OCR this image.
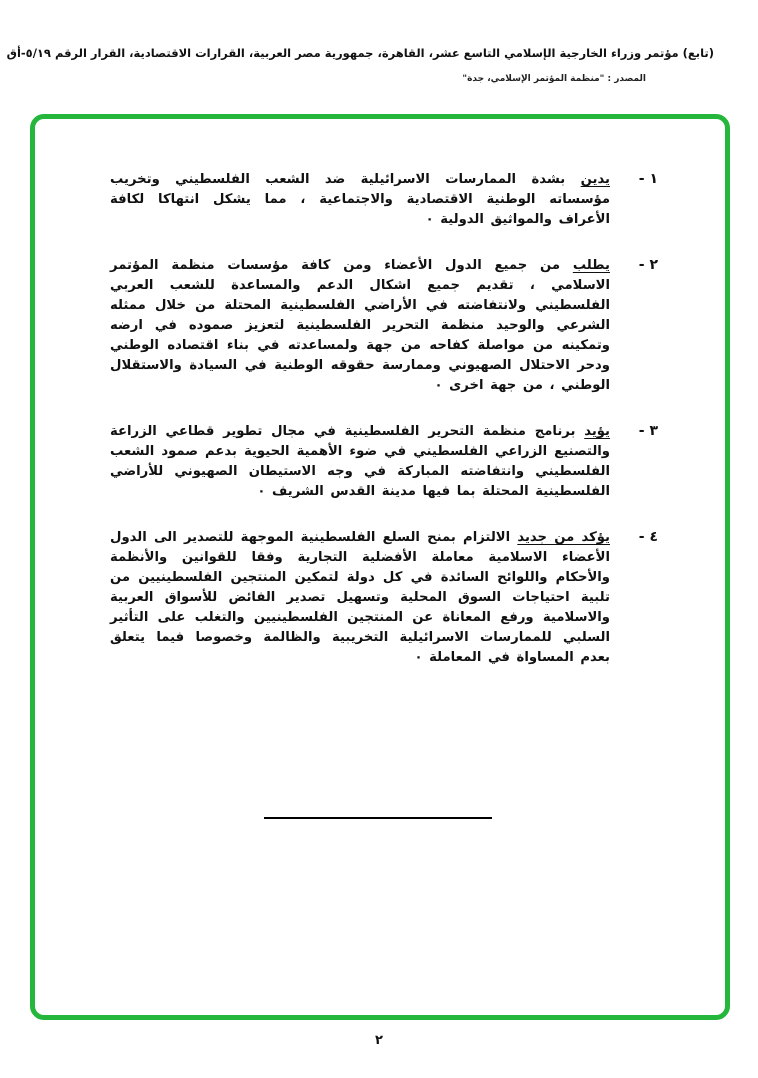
(تابع) مؤتمر وزراء الخارجية الإسلامي التاسع عشر، القاهرة، جمهورية مصر العربية، القرارات الاقتصادية، القرار الرقم ٥/١٩-أق
المصدر : "منظمة المؤتمر الإسلامي، جدة"
١ -
يدين بشدة الممارسات الاسرائيلية ضد الشعب الفلسطيني وتخريب مؤسساته الوطنية الاقتصادية والاجتماعية ، مما يشكل انتهاكا لكافة الأعراف والمواثيق الدولية ٠
٢ -
يطلب من جميع الدول الأعضاء ومن كافة مؤسسات منظمة المؤتمر الاسلامي ، تقديم جميع اشكال الدعم والمساعدة للشعب العربي الفلسطيني ولانتفاضته في الأراضي الفلسطينية المحتلة من خلال ممثله الشرعي والوحيد منظمة التحرير الفلسطينية لتعزيز صموده في ارضه وتمكينه من مواصلة كفاحه من جهة ولمساعدته في بناء اقتصاده الوطني ودحر الاحتلال الصهيوني وممارسة حقوقه الوطنية في السيادة والاستقلال الوطني ، من جهة اخرى ٠
٣ -
يؤيد برنامج منظمة التحرير الفلسطينية في مجال تطوير قطاعي الزراعة والتصنيع الزراعي الفلسطيني في ضوء الأهمية الحيوية بدعم صمود الشعب الفلسطيني وانتفاضته المباركة في وجه الاستيطان الصهيوني للأراضي الفلسطينية المحتلة بما فيها مدينة القدس الشريف ٠
٤ -
يؤكد من جديد الالتزام بمنح السلع الفلسطينية الموجهة للتصدير الى الدول الأعضاء الاسلامية معاملة الأفضلية التجارية وفقا للقوانين والأنظمة والأحكام واللوائح السائدة في كل دولة لتمكين المنتجين الفلسطينيين من تلبية احتياجات السوق المحلية وتسهيل تصدير الفائض للأسواق العربية والاسلامية ورفع المعاناة عن المنتجين الفلسطينيين والتغلب على التأثير السلبي للممارسات الاسرائيلية التخريبية والظالمة وخصوصا فيما يتعلق بعدم المساواة في المعاملة ٠
٢
